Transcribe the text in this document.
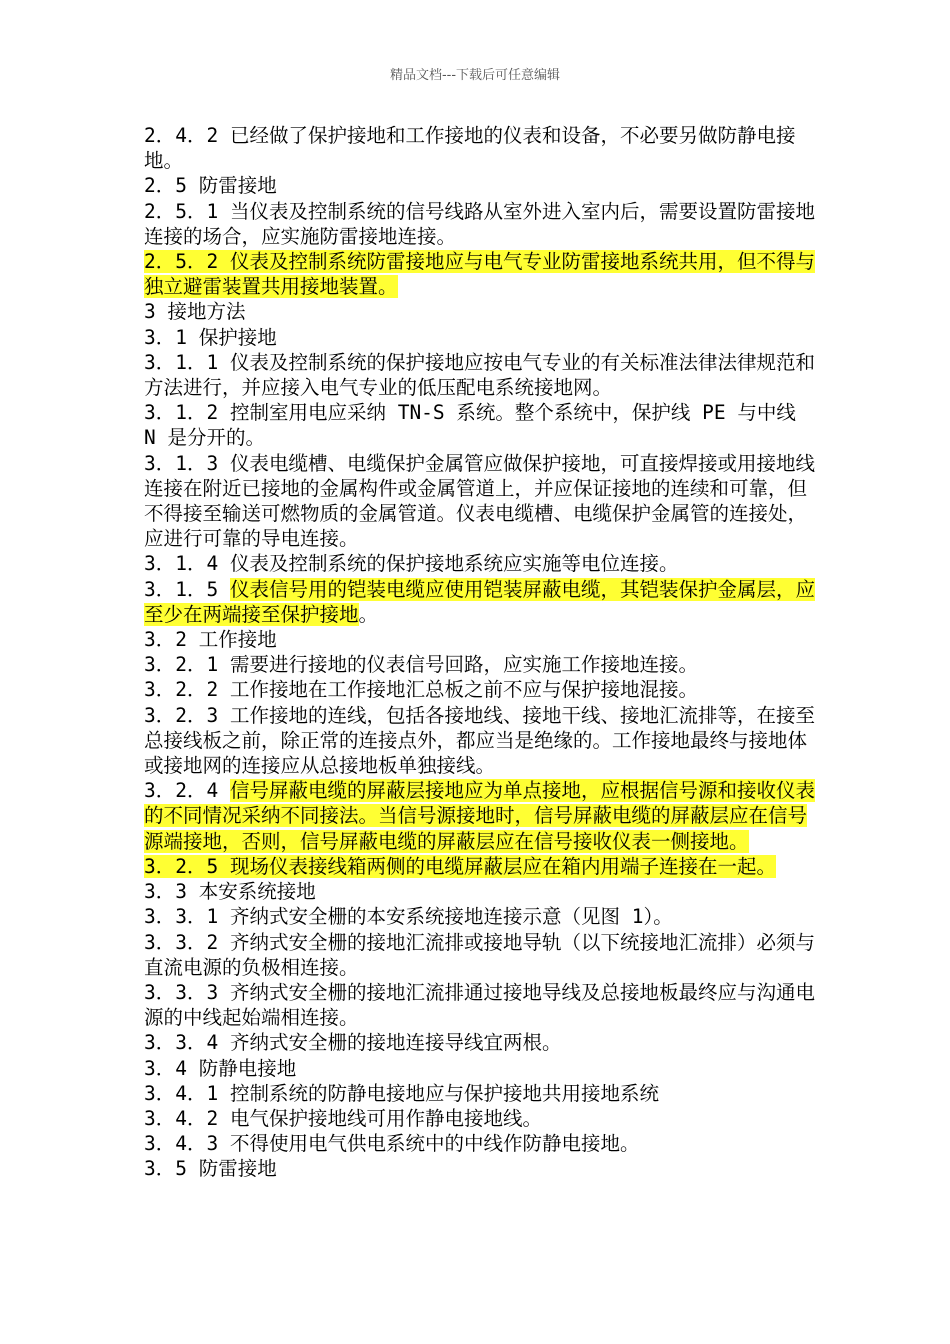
精品文档---下载后可任意编辑
2．4．2 已经做了保护接地和工作接地的仪表和设备，不必要另做防静电接地。
2．5 防雷接地
2．5．1 当仪表及控制系统的信号线路从室外进入室内后，需要设置防雷接地连接的场合，应实施防雷接地连接。
2．5．2 仪表及控制系统防雷接地应与电气专业防雷接地系统共用，但不得与独立避雷装置共用接地装置。
3 接地方法
3．1 保护接地
3．1．1 仪表及控制系统的保护接地应按电气专业的有关标准法律法律规范和方法进行，并应接入电气专业的低压配电系统接地网。
3．1．2 控制室用电应采纳 TN-S 系统。整个系统中，保护线 PE 与中线 N 是分开的。
3．1．3 仪表电缆槽、电缆保护金属管应做保护接地，可直接焊接或用接地线连接在附近已接地的金属构件或金属管道上，并应保证接地的连续和可靠，但不得接至输送可燃物质的金属管道。仪表电缆槽、电缆保护金属管的连接处，应进行可靠的导电连接。
3．1．4 仪表及控制系统的保护接地系统应实施等电位连接。
3．1．5 仪表信号用的铠装电缆应使用铠装屏蔽电缆，其铠装保护金属层，应至少在两端接至保护接地。
3．2 工作接地
3．2．1 需要进行接地的仪表信号回路，应实施工作接地连接。
3．2．2 工作接地在工作接地汇总板之前不应与保护接地混接。
3．2．3 工作接地的连线，包括各接地线、接地干线、接地汇流排等，在接至总接线板之前，除正常的连接点外，都应当是绝缘的。工作接地最终与接地体或接地网的连接应从总接地板单独接线。
3．2．4 信号屏蔽电缆的屏蔽层接地应为单点接地，应根据信号源和接收仪表的不同情况采纳不同接法。当信号源接地时，信号屏蔽电缆的屏蔽层应在信号源端接地，否则，信号屏蔽电缆的屏蔽层应在信号接收仪表一侧接地。
3．2．5 现场仪表接线箱两侧的电缆屏蔽层应在箱内用端子连接在一起。
3．3 本安系统接地
3．3．1 齐纳式安全栅的本安系统接地连接示意（见图 1）。
3．3．2 齐纳式安全栅的接地汇流排或接地导轨（以下统接地汇流排）必须与直流电源的负极相连接。
3．3．3 齐纳式安全栅的接地汇流排通过接地导线及总接地板最终应与沟通电源的中线起始端相连接。
3．3．4 齐纳式安全栅的接地连接导线宜两根。
3．4 防静电接地
3．4．1 控制系统的防静电接地应与保护接地共用接地系统
3．4．2 电气保护接地线可用作静电接地线。
3．4．3 不得使用电气供电系统中的中线作防静电接地。
3．5 防雷接地
